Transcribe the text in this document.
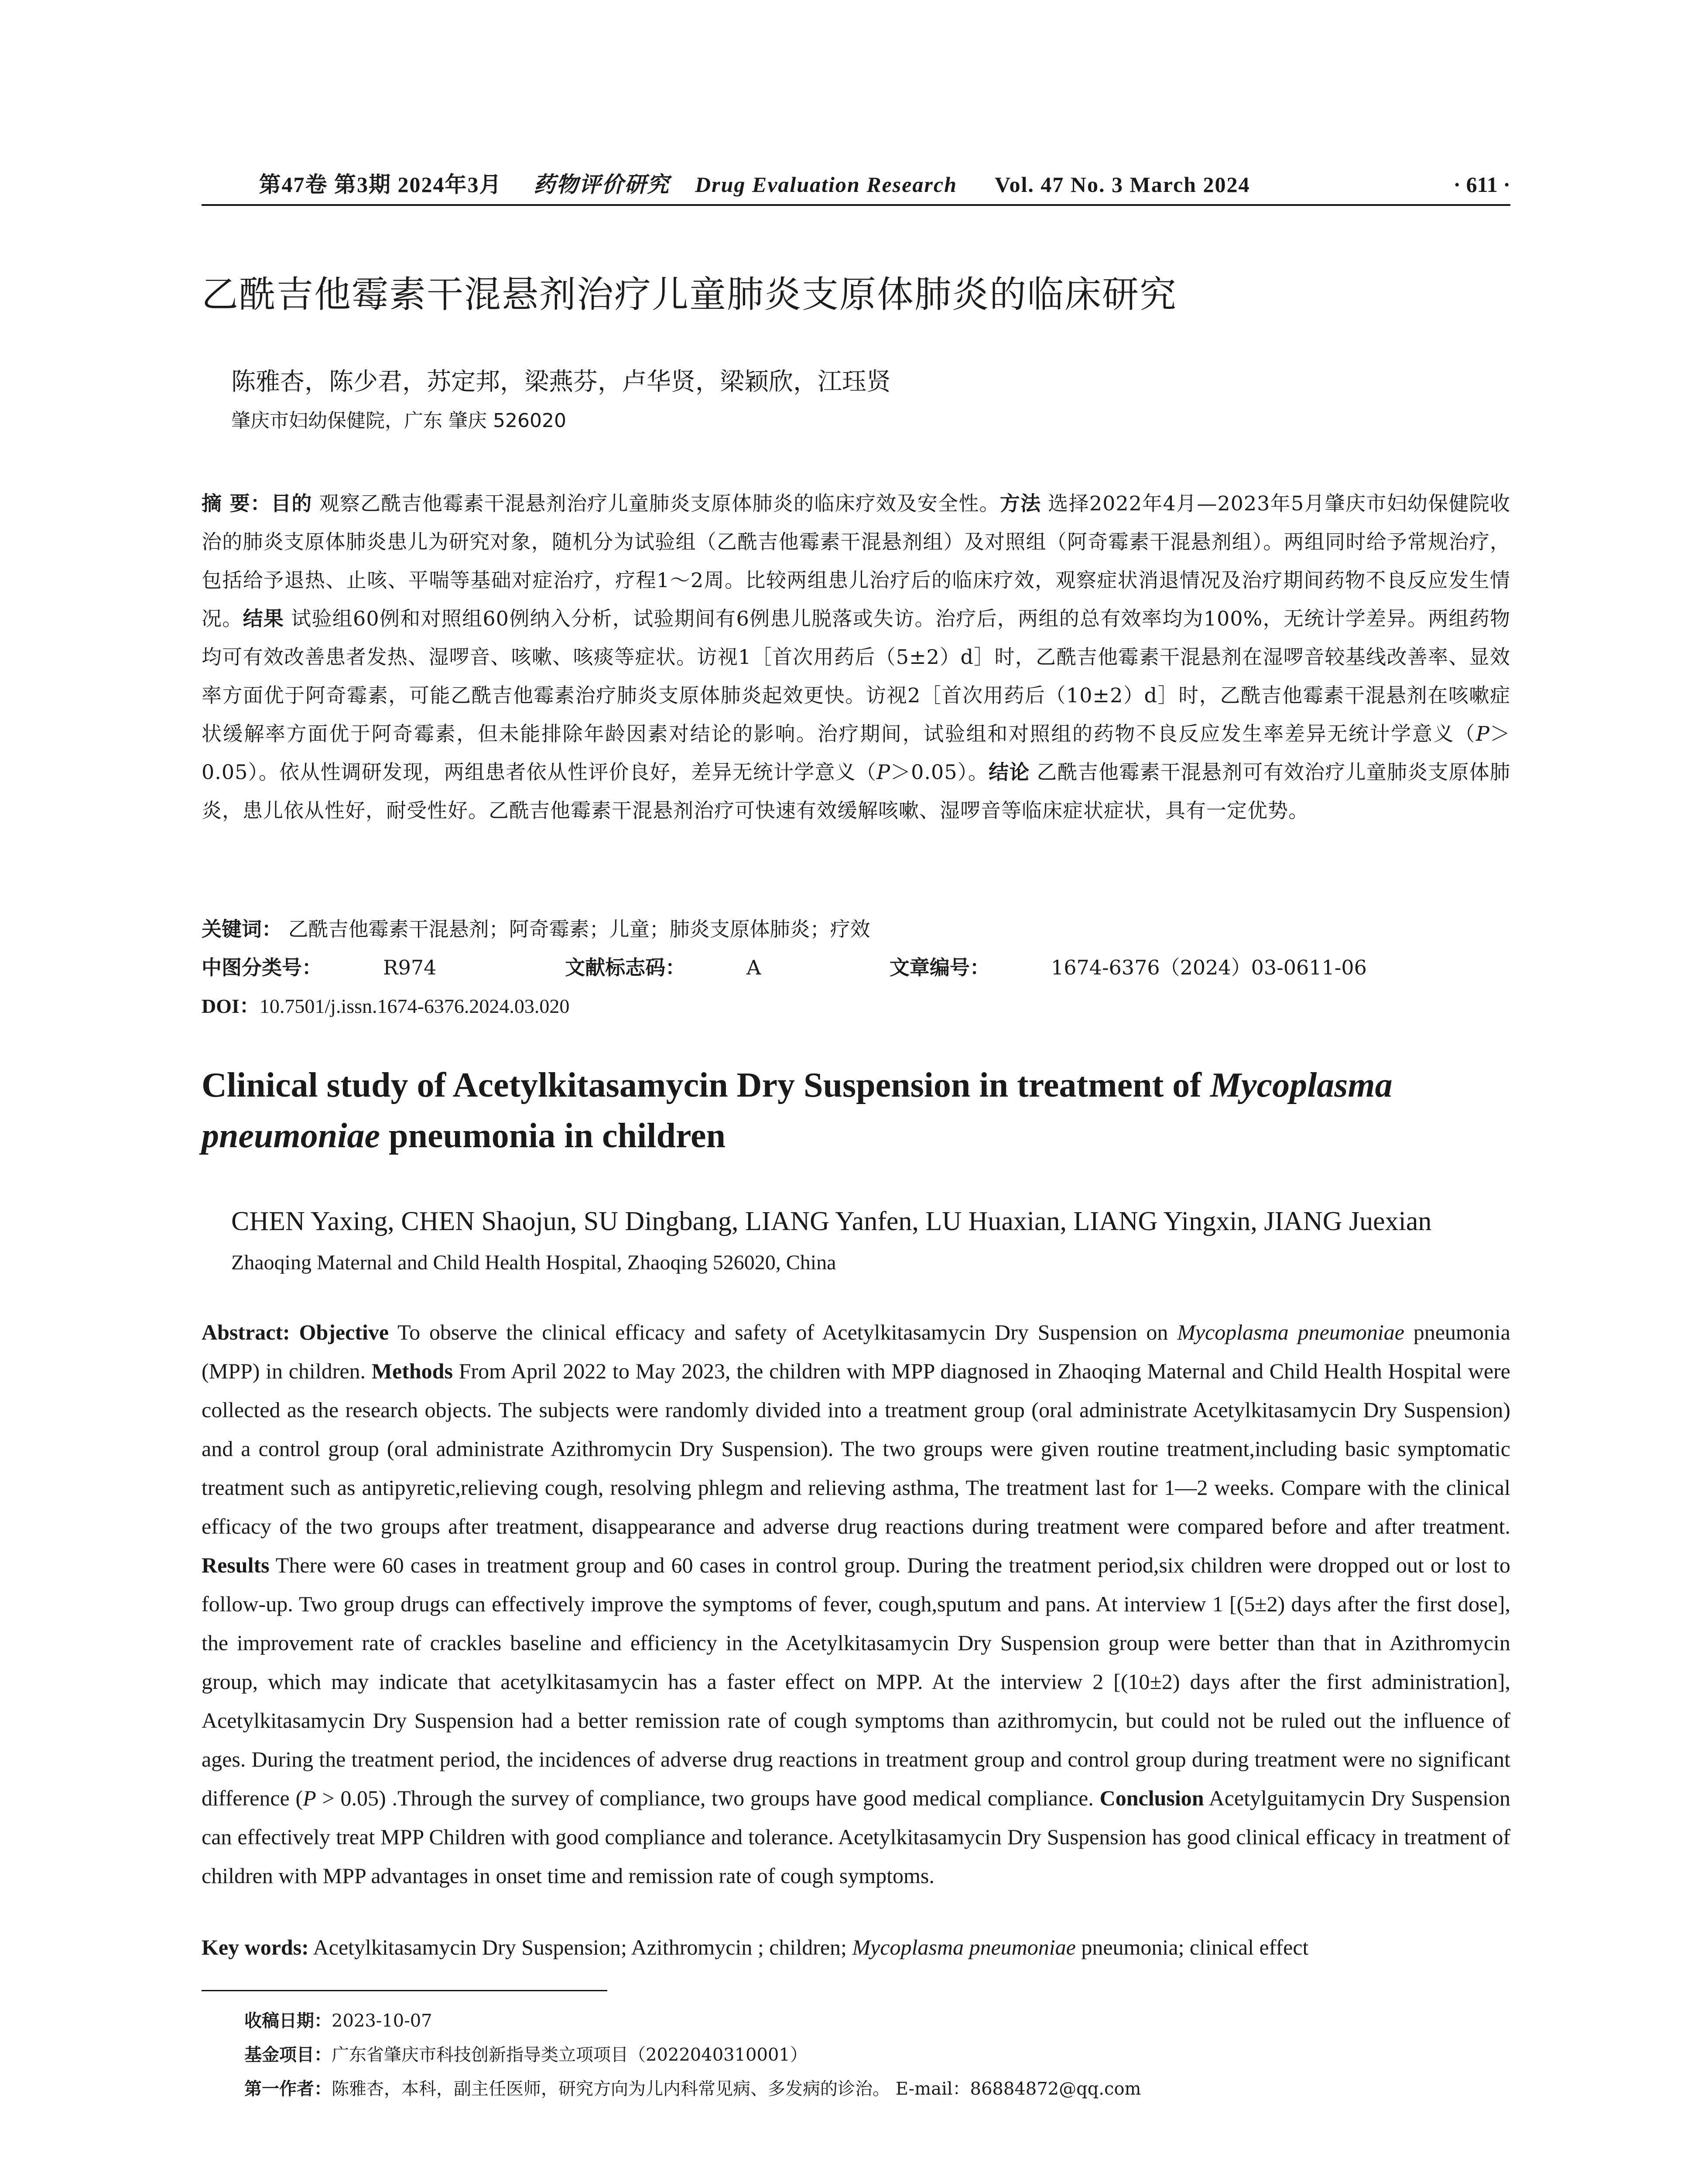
第47卷 第3期 2024年3月 药物评价研究 Drug Evaluation Research Vol. 47 No. 3 March 2024	· 611 ·
乙酰吉他霉素干混悬剂治疗儿童肺炎支原体肺炎的临床研究
陈雅杏，陈少君，苏定邦，梁燕芬，卢华贤，梁颖欣，江珏贤
肇庆市妇幼保健院，广东 肇庆 526020

摘 要：目的 观察乙酰吉他霉素干混悬剂治疗儿童肺炎支原体肺炎的临床疗效及安全性。方法 选择2022年4月—2023年5月肇庆市妇幼保健院收治的肺炎支原体肺炎患儿为研究对象，随机分为试验组（乙酰吉他霉素干混悬剂组）及对照组（阿奇霉素干混悬剂组）。两组同时给予常规治疗，包括给予退热、止咳、平喘等基础对症治疗，疗程1～2周。比较两组患儿治疗后的临床疗效，观察症状消退情况及治疗期间药物不良反应发生情况。结果 试验组60例和对照组60例纳入分析，试验期间有6例患儿脱落或失访。治疗后，两组的总有效率均为100%，无统计学差异。两组药物均可有效改善患者发热、湿啰音、咳嗽、咳痰等症状。访视1［首次用药后（5±2）d］时，乙酰吉他霉素干混悬剂在湿啰音较基线改善率、显效率方面优于阿奇霉素，可能乙酰吉他霉素治疗肺炎支原体肺炎起效更快。访视2［首次用药后（10±2）d］时，乙酰吉他霉素干混悬剂在咳嗽症状缓解率方面优于阿奇霉素，但未能排除年龄因素对结论的影响。治疗期间，试验组和对照组的药物不良反应发生率差异无统计学意义（P＞0.05）。依从性调研发现，两组患者依从性评价良好，差异无统计学意义（P＞0.05）。结论 乙酰吉他霉素干混悬剂可有效治疗儿童肺炎支原体肺炎，患儿依从性好，耐受性好。乙酰吉他霉素干混悬剂治疗可快速有效缓解咳嗽、湿啰音等临床症状症状，具有一定优势。

关键词： 乙酰吉他霉素干混悬剂；阿奇霉素；儿童；肺炎支原体肺炎；疗效
中图分类号：	R974	文献标志码：	A	文章编号：	1674-6376（2024）03-0611-06
DOI：10.7501/j.issn.1674-6376.2024.03.020
Clinical study of Acetylkitasamycin Dry Suspension in treatment of Mycoplasma pneumoniae pneumonia in children
CHEN Yaxing, CHEN Shaojun, SU Dingbang, LIANG Yanfen, LU Huaxian, LIANG Yingxin, JIANG Juexian
Zhaoqing Maternal and Child Health Hospital, Zhaoqing 526020, China

Abstract: Objective To observe the clinical efficacy and safety of Acetylkitasamycin Dry Suspension on Mycoplasma pneumoniae pneumonia (MPP) in children. Methods From April 2022 to May 2023, the children with MPP diagnosed in Zhaoqing Maternal and Child Health Hospital were collected as the research objects. The subjects were randomly divided into a treatment group (oral administrate Acetylkitasamycin Dry Suspension) and a control group (oral administrate Azithromycin Dry Suspension). The two groups were given routine treatment,including basic symptomatic treatment such as antipyretic,relieving cough, resolving phlegm and relieving asthma, The treatment last for 1—2 weeks. Compare with the clinical efficacy of the two groups after treatment, disappearance and adverse drug reactions during treatment were compared before and after treatment. Results There were 60 cases in treatment group and 60 cases in control group. During the treatment period,six children were dropped out or lost to follow-up. Two group drugs can effectively improve the symptoms of fever, cough,sputum and pans. At interview 1 [(5±2) days after the first dose], the improvement rate of crackles baseline and efficiency in the Acetylkitasamycin Dry Suspension group were better than that in Azithromycin group, which may indicate that acetylkitasamycin has a faster effect on MPP. At the interview 2 [(10±2) days after the first administration], Acetylkitasamycin Dry Suspension had a better remission rate of cough symptoms than azithromycin, but could not be ruled out the influence of ages. During the treatment period, the incidences of adverse drug reactions in treatment group and control group during treatment were no significant difference (P > 0.05) .Through the survey of compliance, two groups have good medical compliance. Conclusion Acetylguitamycin Dry Suspension can effectively treat MPP Children with good compliance and tolerance. Acetylkitasamycin Dry Suspension has good clinical efficacy in treatment of children with MPP advantages in onset time and remission rate of cough symptoms.

Key words: Acetylkitasamycin Dry Suspension; Azithromycin ; children; Mycoplasma pneumoniae pneumonia; clinical effect
收稿日期：2023-10-07
基金项目：广东省肇庆市科技创新指导类立项项目（2022040310001）
第一作者：陈雅杏，本科，副主任医师，研究方向为儿内科常见病、多发病的诊治。 E-mail：86884872@qq.com
